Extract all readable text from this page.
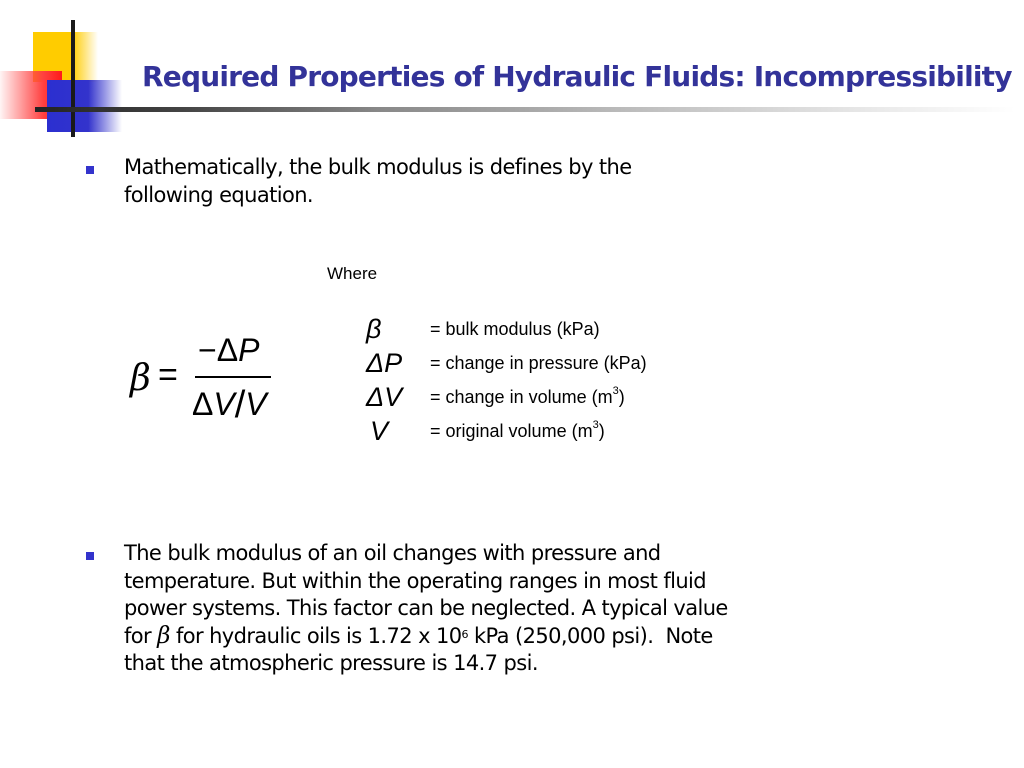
Required Properties of Hydraulic Fluids: Incompressibility
Mathematically, the bulk modulus is defines by the
following equation.
Where
β =
−ΔP
ΔV/V
β	= bulk modulus (kPa)
ΔP = change in pressure (kPa)
ΔV = change in volume $(m^3)$
V = original volume $(m^3)$
The bulk modulus of an oil changes with pressure and
temperature. But within the operating ranges in most fluid
power systems. This factor can be neglected. A typical value
for β for hydraulic oils is 1.72 x $10^6$ kPa (250,000 psi).  Note
that the atmospheric pressure is 14.7 psi.
